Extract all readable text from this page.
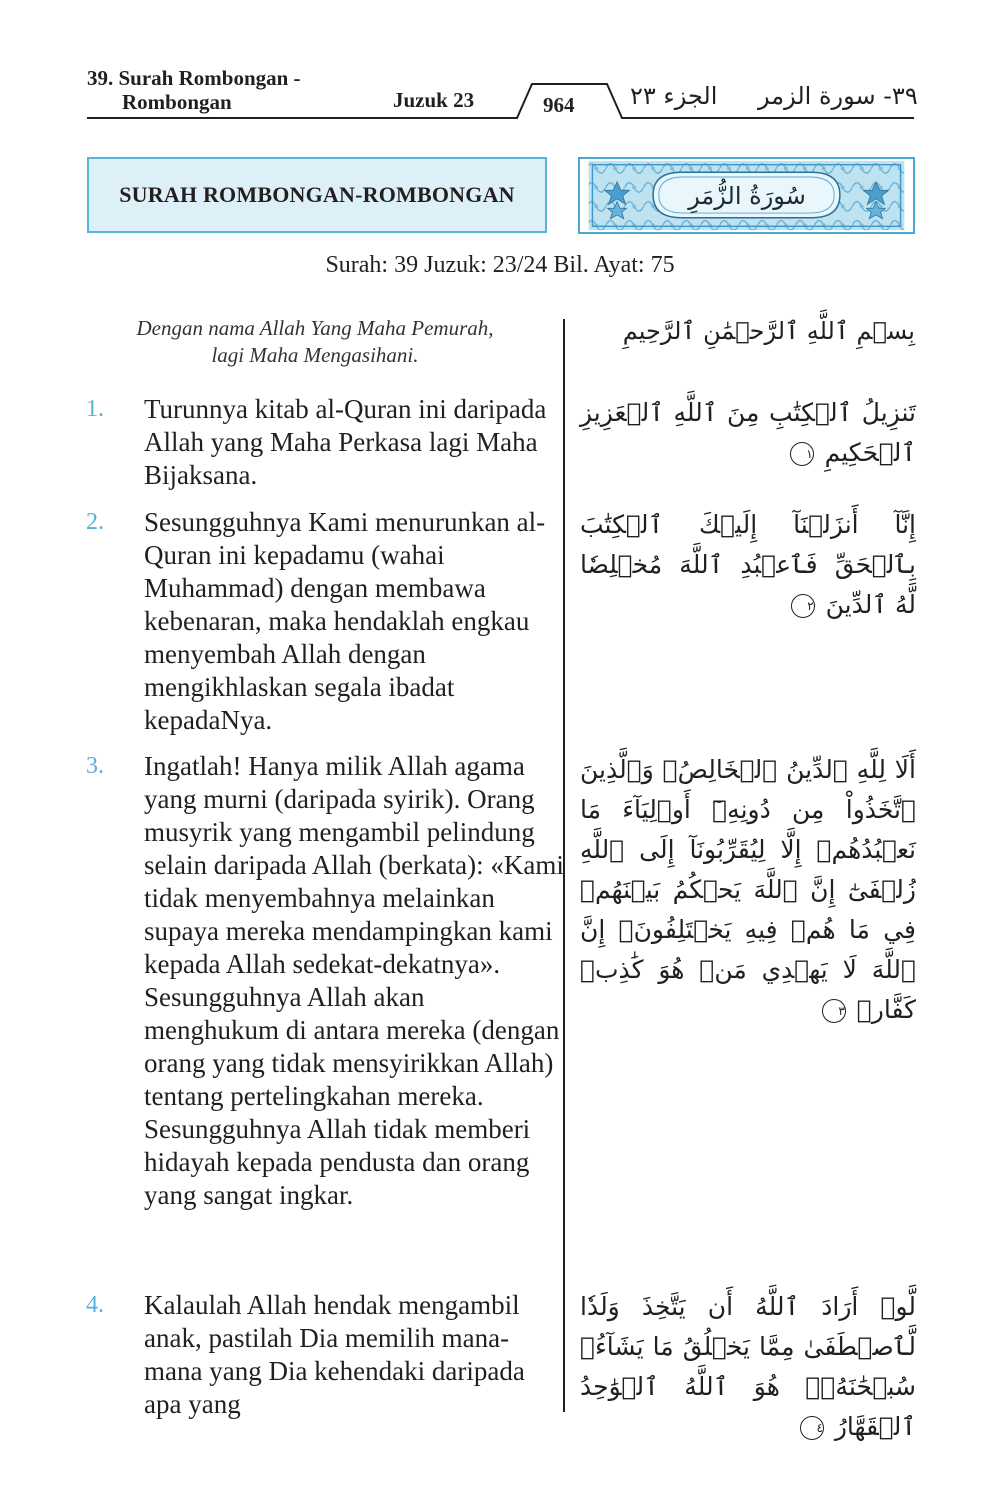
39. Surah Rombongan -
Rombongan	Juzuk 23	964 الجزء ٢٣ ٣٩- سورة الزمر
SURAH ROMBONGAN-ROMBONGAN	سُورَةُ الزُّمَرِ
Surah: 39 Juzuk: 23/24 Bil. Ayat: 75
Dengan nama Allah Yang Maha Pemurah,
lagi Maha Mengasihani.
بِسۡمِ ٱللَّهِ ٱلرَّحۡمَٰنِ ٱلرَّحِيمِ
1. Turunnya kitab al-Quran ini daripada Allah yang Maha Perkasa lagi Maha Bijaksana.
تَنزِيلُ ٱلۡكِتَٰبِ مِنَ ٱللَّهِ ٱلۡعَزِيزِ ٱلۡحَكِيمِ ١
2. Sesungguhnya Kami menurunkan al-Quran ini kepadamu (wahai Muhammad) dengan membawa kebenaran, maka hendaklah engkau menyembah Allah dengan mengikhlaskan segala ibadat kepadaNya.
إِنَّآ أَنزَلۡنَآ إِلَيۡكَ ٱلۡكِتَٰبَ بِٱلۡحَقِّ فَٱعۡبُدِ ٱللَّهَ مُخۡلِصٗا لَّهُ ٱلدِّينَ ٢
3. Ingatlah! Hanya milik Allah agama yang murni (daripada syirik). Orang musyrik yang mengambil pelindung selain daripada Allah (berkata): «Kami tidak menyembahnya melainkan supaya mereka mendampingkan kami kepada Allah sedekat-dekatnya». Sesungguhnya Allah akan menghukum di antara mereka (dengan orang yang tidak mensyirikkan Allah) tentang pertelingkahan mereka. Sesungguhnya Allah tidak memberi hidayah kepada pendusta dan orang yang sangat ingkar.
أَلَا لِلَّهِ ٱلدِّينُ ٱلۡخَالِصُۚ وَٱلَّذِينَ ٱتَّخَذُواْ مِن دُونِهِۦٓ أَوۡلِيَآءَ مَا نَعۡبُدُهُمۡ إِلَّا لِيُقَرِّبُونَآ إِلَى ٱللَّهِ زُلۡفَىٰٓ إِنَّ ٱللَّهَ يَحۡكُمُ بَيۡنَهُمۡ فِي مَا هُمۡ فِيهِ يَخۡتَلِفُونَۗ إِنَّ ٱللَّهَ لَا يَهۡدِي مَنۡ هُوَ كَٰذِبٞ كَفَّارٞ ٣
4. Kalaulah Allah hendak mengambil anak, pastilah Dia memilih mana-mana yang Dia kehendaki daripada apa yang
لَّوۡ أَرَادَ ٱللَّهُ أَن يَتَّخِذَ وَلَدٗا لَّٱصۡطَفَىٰ مِمَّا يَخۡلُقُ مَا يَشَآءُۚ سُبۡحَٰنَهُۥۖ هُوَ ٱللَّهُ ٱلۡوَٰحِدُ ٱلۡقَهَّارُ ٤
